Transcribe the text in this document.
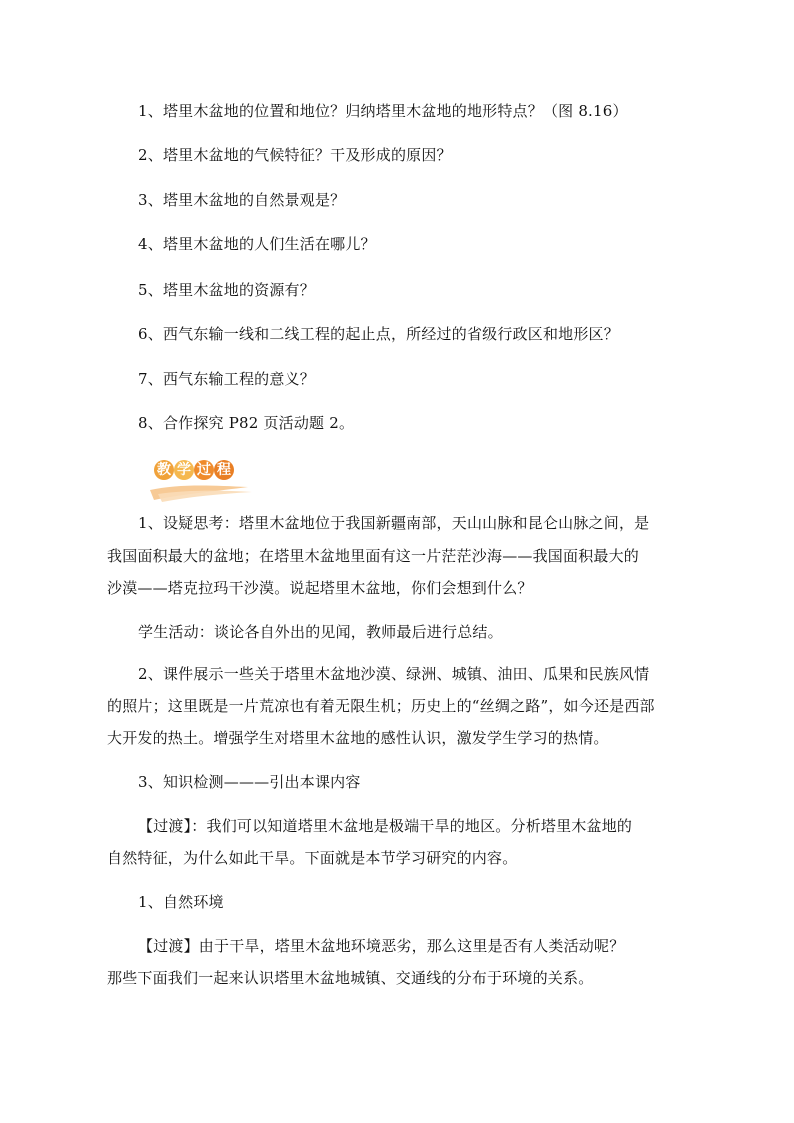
1、塔里木盆地的位置和地位？归纳塔里木盆地的地形特点？（图 8.16）
2、塔里木盆地的气候特征？干及形成的原因？
3、塔里木盆地的自然景观是？
4、塔里木盆地的人们生活在哪儿？
5、塔里木盆地的资源有？
6、西气东输一线和二线工程的起止点，所经过的省级行政区和地形区？
7、西气东输工程的意义？
8、合作探究 P82 页活动题 2。
教 学 过 程
1、设疑思考：塔里木盆地位于我国新疆南部，天山山脉和昆仑山脉之间，是
我国面积最大的盆地；在塔里木盆地里面有这一片茫茫沙海——我国面积最大的
沙漠——塔克拉玛干沙漠。说起塔里木盆地，你们会想到什么？
学生活动：谈论各自外出的见闻，教师最后进行总结。
2、课件展示一些关于塔里木盆地沙漠、绿洲、城镇、油田、瓜果和民族风情
的照片；这里既是一片荒凉也有着无限生机；历史上的“丝绸之路”，如今还是西部
大开发的热土。增强学生对塔里木盆地的感性认识，激发学生学习的热情。
3、知识检测———引出本课内容
【过渡】：我们可以知道塔里木盆地是极端干旱的地区。分析塔里木盆地的
自然特征，为什么如此干旱。下面就是本节学习研究的内容。
1、自然环境
【过渡】由于干旱，塔里木盆地环境恶劣，那么这里是否有人类活动呢？
那些下面我们一起来认识塔里木盆地城镇、交通线的分布于环境的关系。
